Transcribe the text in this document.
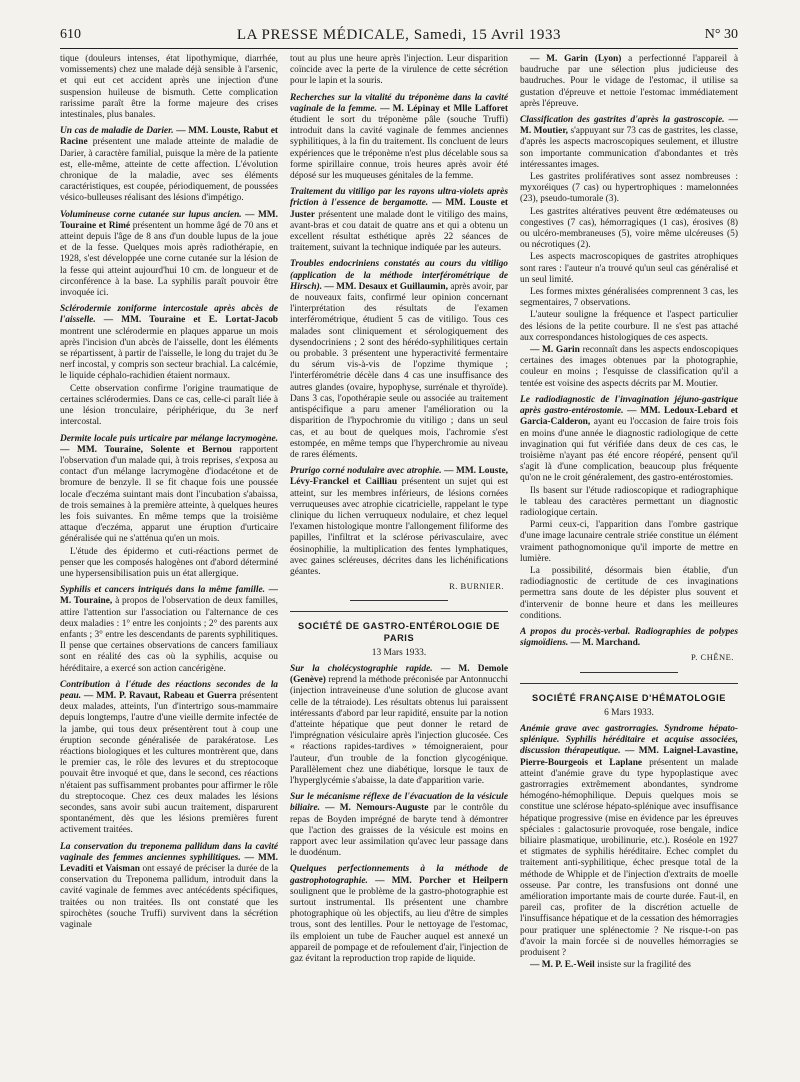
610	LA PRESSE MÉDICALE, Samedi, 15 Avril 1933	N° 30

tique (douleurs intenses, état lipothymique, diarrhée, vomissements) chez une malade déjà sensible à l'arsenic, et qui eut cet accident après une injection d'une suspension huileuse de bismuth. Cette complication rarissime paraît être la forme majeure des crises intestinales, plus banales.

Un cas de maladie de Darier. — MM. Louste, Rabut et Racine présentent une malade atteinte de maladie de Darier, à caractère familial, puisque la mère de la patiente est, elle-même, atteinte de cette affection. L'évolution chronique de la maladie, avec ses éléments caractéristiques, est coupée, périodiquement, de poussées vésico-bulleuses réalisant des lésions d'impétigo.

Volumineuse corne cutanée sur lupus ancien. — MM. Touraine et Rimé présentent un homme âgé de 70 ans et atteint depuis l'âge de 8 ans d'un double lupus de la joue et de la fesse. Quelques mois après radiothérapie, en 1928, s'est développée une corne cutanée sur la lésion de la fesse qui atteint aujourd'hui 10 cm. de longueur et de circonférence à la base. La syphilis paraît pouvoir être invoquée ici.

Sclérodermie zoniforme intercostale après abcès de l'aisselle. — MM. Touraine et E. Lortat-Jacob montrent une sclérodermie en plaques apparue un mois après l'incision d'un abcès de l'aisselle, dont les éléments se répartissent, à partir de l'aisselle, le long du trajet du 3e nerf incostal, y compris son secteur brachial. La calcémie, le liquide céphalo-rachidien étaient normaux.

Cette observation confirme l'origine traumatique de certaines sclérodermies. Dans ce cas, celle-ci paraît liée à une lésion tronculaire, périphérique, du 3e nerf intercostal.

Dermite locale puis urticaire par mélange lacrymogène. — MM. Touraine, Solente et Bernou rapportent l'observation d'un malade qui, à trois reprises, s'exposa au contact d'un mélange lacrymogène d'iodacétone et de bromure de benzyle. Il se fit chaque fois une poussée locale d'eczéma suintant mais dont l'incubation s'abaissa, de trois semaines à la première atteinte, à quelques heures les fois suivantes. En même temps que la troisième attaque d'eczéma, apparut une éruption d'urticaire généralisée qui ne s'atténua qu'en un mois.

L'étude des épidermo et cuti-réactions permet de penser que les composés halogènes ont d'abord déterminé une hypersensibilisation puis un état allergique.

Syphilis et cancers intriqués dans la même famille. — M. Touraine, à propos de l'observation de deux familles, attire l'attention sur l'association ou l'alternance de ces deux maladies : 1° entre les conjoints ; 2° des parents aux enfants ; 3° entre les descendants de parents syphilitiques. Il pense que certaines observations de cancers familiaux sont en réalité des cas où la syphilis, acquise ou héréditaire, a exercé son action cancérigène.

Contribution à l'étude des réactions secondes de la peau. — MM. P. Ravaut, Rabeau et Guerra présentent deux malades, atteints, l'un d'intertrigo sous-mammaire depuis longtemps, l'autre d'une vieille dermite infectée de la jambe, qui tous deux présentèrent tout à coup une éruption seconde généralisée de parakératose. Les réactions biologiques et les cultures montrèrent que, dans le premier cas, le rôle des levures et du streptocoque pouvait être invoqué et que, dans le second, ces réactions n'étaient pas suffisamment probantes pour affirmer le rôle du streptocoque. Chez ces deux malades les lésions secondes, sans avoir subi aucun traitement, disparurent spontanément, dès que les lésions premières furent activement traitées.

La conservation du treponema pallidum dans la cavité vaginale des femmes anciennes syphilitiques. — MM. Levaditi et Vaisman ont essayé de préciser la durée de la conservation du Treponema pallidum, introduit dans la cavité vaginale de femmes avec antécédents spécifiques, traitées ou non traitées. Ils ont constaté que les spirochètes (souche Truffi) survivent dans la sécrétion vaginale

tout au plus une heure après l'injection. Leur disparition coïncide avec la perte de la virulence de cette sécrétion pour le lapin et la souris.

Recherches sur la vitalité du tréponème dans la cavité vaginale de la femme. — M. Lépinay et Mlle Lafforet étudient le sort du tréponème pâle (souche Truffi) introduit dans la cavité vaginale de femmes anciennes syphilitiques, à la fin du traitement. Ils concluent de leurs expériences que le tréponème n'est plus décelable sous sa forme spirillaire connue, trois heures après avoir été déposé sur les muqueuses génitales de la femme.

Traitement du vitiligo par les rayons ultra-violets après friction à l'essence de bergamotte. — MM. Louste et Juster présentent une malade dont le vitiligo des mains, avant-bras et cou datait de quatre ans et qui a obtenu un excellent résultat esthétique après 22 séances de traitement, suivant la technique indiquée par les auteurs.

Troubles endocriniens constatés au cours du vitiligo (application de la méthode interférométrique de Hirsch). — MM. Desaux et Guillaumin, après avoir, par de nouveaux faits, confirmé leur opinion concernant l'interprétation des résultats de l'examen interférométrique, étudient 5 cas de vitiligo. Tous ces malades sont cliniquement et sérologiquement des dysendocriniens ; 2 sont des hérédo-syphilitiques certain ou probable. 3 présentent une hyperactivité fermentaire du sérum vis-à-vis de l'opzime thymique ; l'interférométrie décèle dans 4 cas une insuffisance des autres glandes (ovaire, hypophyse, surrénale et thyroïde). Dans 3 cas, l'opothérapie seule ou associée au traitement antispécifique a paru amener l'amélioration ou la disparition de l'hypochromie du vitiligo ; dans un seul cas, et au bout de quelques mois, l'achromie s'est estompée, en même temps que l'hyperchromie au niveau de rares éléments.

Prurigo corné nodulaire avec atrophie. — MM. Louste, Lévy-Franckel et Cailliau présentent un sujet qui est atteint, sur les membres inférieurs, de lésions cornées verruqueuses avec atrophie cicatricielle, rappelant le type clinique du lichen verruqueux nodulaire, et chez lequel l'examen histologique montre l'allongement filiforme des papilles, l'infiltrat et la sclérose périvasculaire, avec éosinophilie, la multiplication des fentes lymphatiques, avec gaines scléreuses, décrites dans les lichénifications géantes.

R. BURNIER.
SOCIÉTÉ DE GASTRO-ENTÉROLOGIE DE PARIS
13 Mars 1933.

Sur la cholécystographie rapide. — M. Demole (Genève) reprend la méthode préconisée par Antonnucchi (injection intraveineuse d'une solution de glucose avant celle de la tétraiode). Les résultats obtenus lui paraissent intéressants d'abord par leur rapidité, ensuite par la notion d'atteinte hépatique que peut donner le retard de l'imprégnation vésiculaire après l'injection glucosée. Ces « réactions rapides-tardives » témoigneraient, pour l'auteur, d'un trouble de la fonction glycogénique. Parallèlement chez une diabétique, lorsque le taux de l'hyperglycémie s'abaisse, la date d'apparition varie.

Sur le mécanisme réflexe de l'évacuation de la vésicule biliaire. — M. Nemours-Auguste par le contrôle du repas de Boyden imprégné de baryte tend à démontrer que l'action des graisses de la vésicule est moins en rapport avec leur assimilation qu'avec leur passage dans le duodénum.

Quelques perfectionnements à la méthode de gastrophotographie. — MM. Porcher et Heilpern soulignent que le problème de la gastro-photographie est surtout instrumental. Ils présentent une chambre photographique où les objectifs, au lieu d'être de simples trous, sont des lentilles. Pour le nettoyage de l'estomac, ils emploient un tube de Faucher auquel est annexé un appareil de pompage et de refoulement d'air, l'injection de gaz évitant la reproduction trop rapide de liquide.

— M. Garin (Lyon) a perfectionné l'appareil à baudruche par une sélection plus judicieuse des baudruches. Pour le vidage de l'estomac, il utilise sa gustation d'épreuve et nettoie l'estomac immédiatement après l'épreuve.

Classification des gastrites d'après la gastroscopie. — M. Moutier, s'appuyant sur 73 cas de gastrites, les classe, d'après les aspects macroscopiques seulement, et illustre son importante communication d'abondantes et très intéressantes images.

Les gastrites prolifératives sont assez nombreuses : myxoréiques (7 cas) ou hypertrophiques : mamelonnées (23), pseudo-tumorale (3).

Les gastrites altératives peuvent être œdémateuses ou congestives (7 cas), hémorragiques (1 cas), érosives (8) ou ulcéro-membraneuses (5), voire même ulcéreuses (5) ou nécrotiques (2).

Les aspects macroscopiques de gastrites atrophiques sont rares : l'auteur n'a trouvé qu'un seul cas généralisé et un seul limité.

Les formes mixtes généralisées comprennent 3 cas, les segmentaires, 7 observations.

L'auteur souligne la fréquence et l'aspect particulier des lésions de la petite courbure. Il ne s'est pas attaché aux correspondances histologiques de ces aspects.

— M. Garin reconnaît dans les aspects endoscopiques certaines des images obtenues par la photographie, couleur en moins ; l'esquisse de classification qu'il a tentée est voisine des aspects décrits par M. Moutier.

Le radiodiagnostic de l'invagination jéjuno-gastrique après gastro-entérostomie. — MM. Ledoux-Lebard et Garcia-Calderon, ayant eu l'occasion de faire trois fois en moins d'une année le diagnostic radiologique de cette invagination qui fut vérifiée dans deux de ces cas, le troisième n'ayant pas été encore réopéré, pensent qu'il s'agit là d'une complication, beaucoup plus fréquente qu'on ne le croit généralement, des gastro-entérostomies.

Ils basent sur l'étude radioscopique et radiographique le tableau des caractères permettant un diagnostic radiologique certain.

Parmi ceux-ci, l'apparition dans l'ombre gastrique d'une image lacunaire centrale striée constitue un élément vraiment pathognomonique qu'il importe de mettre en lumière.

La possibilité, désormais bien établie, d'un radiodiagnostic de certitude de ces invaginations permettra sans doute de les dépister plus souvent et d'intervenir de bonne heure et dans les meilleures conditions.

A propos du procès-verbal. Radiographies de polypes sigmoïdiens. — M. Marchand.

P. CHÊNE.
SOCIÉTÉ FRANÇAISE D'HÉMATOLOGIE
6 Mars 1933.

Anémie grave avec gastrorragies. Syndrome hépato-splénique. Syphilis héréditaire et acquise associées, discussion thérapeutique. — MM. Laignel-Lavastine, Pierre-Bourgeois et Laplane présentent un malade atteint d'anémie grave du type hypoplastique avec gastrorragies extrêmement abondantes, syndrome hémogéno-hémophilique. Depuis quelques mois se constitue une sclérose hépato-splénique avec insuffisance hépatique progressive (mise en évidence par les épreuves spéciales : galactosurie provoquée, rose bengale, indice biliaire plasmatique, urobilinurie, etc.). Roséole en 1927 et stigmates de syphilis héréditaire. Echec complet du traitement anti-syphilitique, échec presque total de la méthode de Whipple et de l'injection d'extraits de moelle osseuse. Par contre, les transfusions ont donné une amélioration importante mais de courte durée. Faut-il, en pareil cas, profiter de la discrétion actuelle de l'insuffisance hépatique et de la cessation des hémorragies pour pratiquer une splénectomie ? Ne risque-t-on pas d'avoir la main forcée si de nouvelles hémorragies se produisent ?

— M. P. E.-Weil insiste sur la fragilité des
